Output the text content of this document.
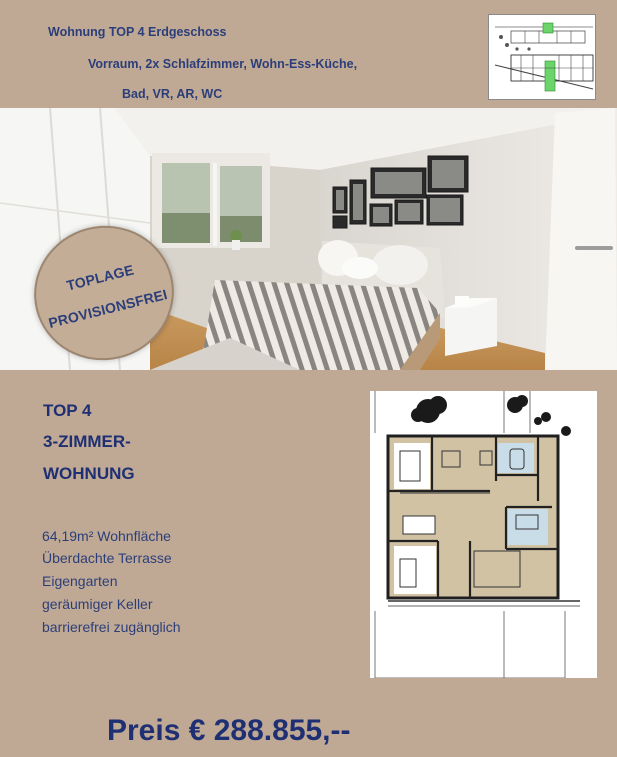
Wohnung TOP 4 Erdgeschoss
Vorraum, 2x Schlafzimmer, Wohn-Ess-Küche,
Bad, VR, AR, WC
TOPLAGE
PROVISIONSFREI
TOP 4
3-ZIMMER-
WOHNUNG
64,19m² Wohnfläche
Überdachte Terrasse
Eigengarten
geräumiger Keller
barrierefrei zugänglich
Preis € 288.855,--
